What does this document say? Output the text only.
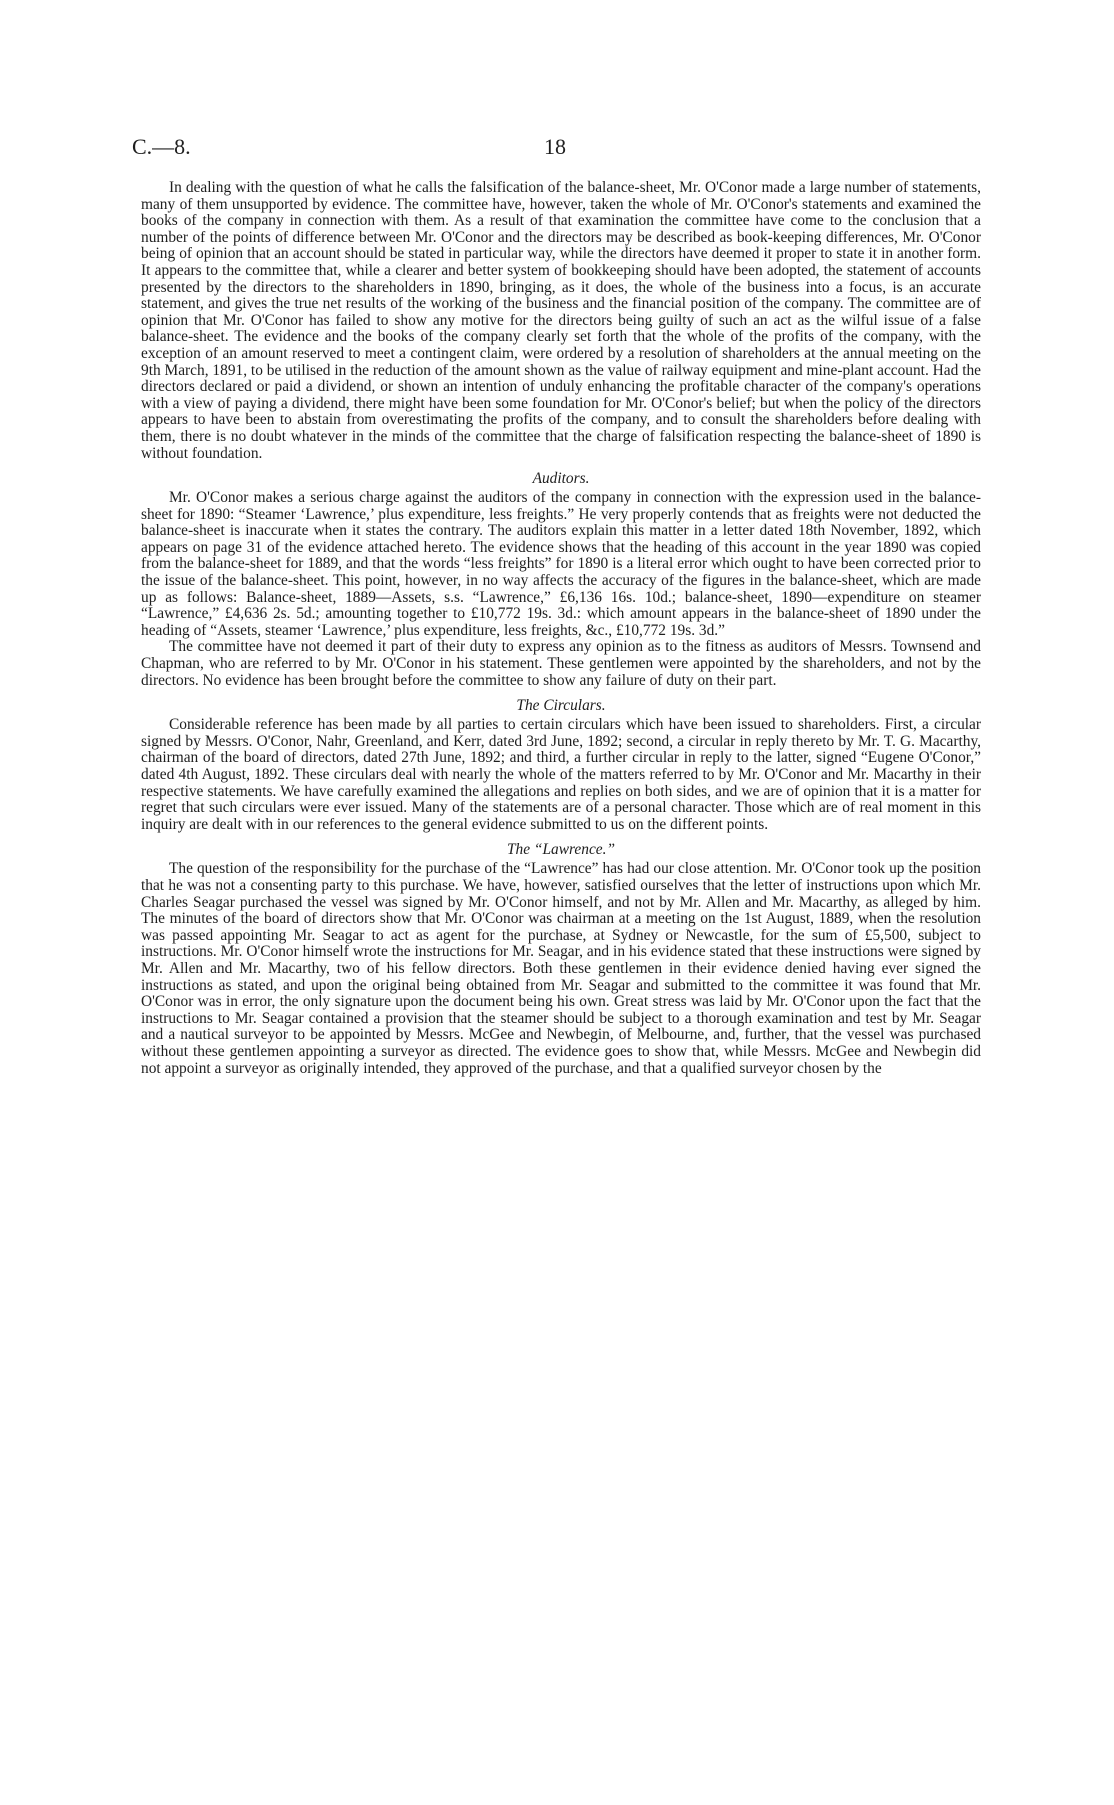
C.—8.	18

In dealing with the question of what he calls the falsification of the balance-sheet, Mr. O'Conor made a large number of statements, many of them unsupported by evidence. The committee have, however, taken the whole of Mr. O'Conor's statements and examined the books of the company in connection with them. As a result of that examination the committee have come to the conclusion that a number of the points of difference between Mr. O'Conor and the directors may be described as book-keeping differences, Mr. O'Conor being of opinion that an account should be stated in particular way, while the directors have deemed it proper to state it in another form. It appears to the committee that, while a clearer and better system of bookkeeping should have been adopted, the statement of accounts presented by the directors to the shareholders in 1890, bringing, as it does, the whole of the business into a focus, is an accurate statement, and gives the true net results of the working of the business and the financial position of the company. The committee are of opinion that Mr. O'Conor has failed to show any motive for the directors being guilty of such an act as the wilful issue of a false balance-sheet. The evidence and the books of the company clearly set forth that the whole of the profits of the company, with the exception of an amount reserved to meet a contingent claim, were ordered by a resolution of shareholders at the annual meeting on the 9th March, 1891, to be utilised in the reduction of the amount shown as the value of railway equipment and mine-plant account. Had the directors declared or paid a dividend, or shown an intention of unduly enhancing the profitable character of the company's operations with a view of paying a dividend, there might have been some foundation for Mr. O'Conor's belief; but when the policy of the directors appears to have been to abstain from overestimating the profits of the company, and to consult the shareholders before dealing with them, there is no doubt whatever in the minds of the committee that the charge of falsification respecting the balance-sheet of 1890 is without foundation.

Auditors.

Mr. O'Conor makes a serious charge against the auditors of the company in connection with the expression used in the balance-sheet for 1890: “Steamer ‘Lawrence,’ plus expenditure, less freights.” He very properly contends that as freights were not deducted the balance-sheet is inaccurate when it states the contrary. The auditors explain this matter in a letter dated 18th November, 1892, which appears on page 31 of the evidence attached hereto. The evidence shows that the heading of this account in the year 1890 was copied from the balance-sheet for 1889, and that the words “less freights” for 1890 is a literal error which ought to have been corrected prior to the issue of the balance-sheet. This point, however, in no way affects the accuracy of the figures in the balance-sheet, which are made up as follows: Balance-sheet, 1889—Assets, s.s. “Lawrence,” £6,136 16s. 10d.; balance-sheet, 1890—expenditure on steamer “Lawrence,” £4,636 2s. 5d.; amounting together to £10,772 19s. 3d.: which amount appears in the balance-sheet of 1890 under the heading of “Assets, steamer ‘Lawrence,’ plus expenditure, less freights, &c., £10,772 19s. 3d.”

The committee have not deemed it part of their duty to express any opinion as to the fitness as auditors of Messrs. Townsend and Chapman, who are referred to by Mr. O'Conor in his statement. These gentlemen were appointed by the shareholders, and not by the directors. No evidence has been brought before the committee to show any failure of duty on their part.

The Circulars.

Considerable reference has been made by all parties to certain circulars which have been issued to shareholders. First, a circular signed by Messrs. O'Conor, Nahr, Greenland, and Kerr, dated 3rd June, 1892; second, a circular in reply thereto by Mr. T. G. Macarthy, chairman of the board of directors, dated 27th June, 1892; and third, a further circular in reply to the latter, signed “Eugene O'Conor,” dated 4th August, 1892. These circulars deal with nearly the whole of the matters referred to by Mr. O'Conor and Mr. Macarthy in their respective statements. We have carefully examined the allegations and replies on both sides, and we are of opinion that it is a matter for regret that such circulars were ever issued. Many of the statements are of a personal character. Those which are of real moment in this inquiry are dealt with in our references to the general evidence submitted to us on the different points.

The “Lawrence.”

The question of the responsibility for the purchase of the “Lawrence” has had our close attention. Mr. O'Conor took up the position that he was not a consenting party to this purchase. We have, however, satisfied ourselves that the letter of instructions upon which Mr. Charles Seagar purchased the vessel was signed by Mr. O'Conor himself, and not by Mr. Allen and Mr. Macarthy, as alleged by him. The minutes of the board of directors show that Mr. O'Conor was chairman at a meeting on the 1st August, 1889, when the resolution was passed appointing Mr. Seagar to act as agent for the purchase, at Sydney or Newcastle, for the sum of £5,500, subject to instructions. Mr. O'Conor himself wrote the instructions for Mr. Seagar, and in his evidence stated that these instructions were signed by Mr. Allen and Mr. Macarthy, two of his fellow directors. Both these gentlemen in their evidence denied having ever signed the instructions as stated, and upon the original being obtained from Mr. Seagar and submitted to the committee it was found that Mr. O'Conor was in error, the only signature upon the document being his own. Great stress was laid by Mr. O'Conor upon the fact that the instructions to Mr. Seagar contained a provision that the steamer should be subject to a thorough examination and test by Mr. Seagar and a nautical surveyor to be appointed by Messrs. McGee and Newbegin, of Melbourne, and, further, that the vessel was purchased without these gentlemen appointing a surveyor as directed. The evidence goes to show that, while Messrs. McGee and Newbegin did not appoint a surveyor as originally intended, they approved of the purchase, and that a qualified surveyor chosen by the
